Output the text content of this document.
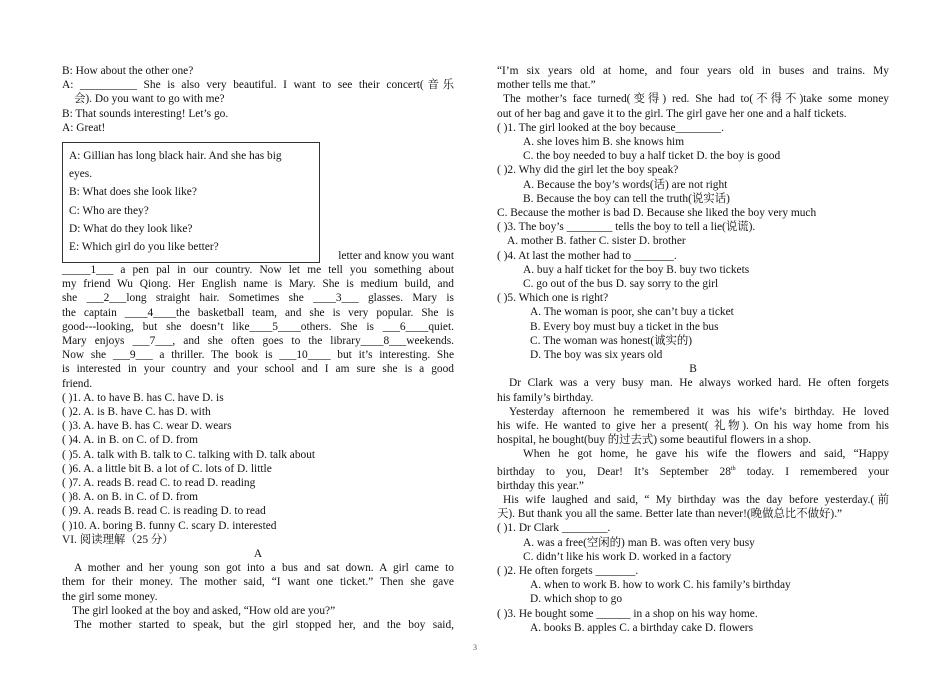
B: How about the other one?
A: __________ She is also very beautiful. I want to see their concert(音乐
会). Do you want to go with me?
B: That sounds interesting! Let’s go.
A: Great!
letter and know you want
_____1___ a pen pal in our country. Now let me tell you something about
my friend Wu Qiong. Her English name is Mary. She is medium build, and
she ___2___long straight hair. Sometimes she ____3___ glasses. Mary is
the captain ____4____the basketball team, and she is very popular. She is
good---looking, but she doesn’t like____5____others. She is ___6____quiet.
Mary enjoys ___7___, and she often goes to the library____8___weekends.
Now she ___9___ a thriller. The book is ___10____ but it’s interesting. She
is interested in your country and your school and I am sure she is a good
friend.
( )1. A. to have B. has C. have D. is
( )2. A. is B. have C. has D. with
( )3. A. have B. has C. wear D. wears
( )4. A. in B. on C. of D. from
( )5. A. talk with B. talk to C. talking with D. talk about
( )6. A. a little bit B. a lot of C. lots of D. little
( )7. A. reads B. read C. to read D. reading
( )8. A. on B. in C. of D. from
( )9. A. reads B. read C. is reading D. to read
( )10. A. boring B. funny C. scary D. interested
VI. 阅读理解（25 分）
A
A mother and her young son got into a bus and sat down. A girl came to
them for their money. The mother said, “I want one ticket.” Then she gave
the girl some money.
The girl looked at the boy and asked, “How old are you?”
The mother started to speak, but the girl stopped her, and the boy said,
A: Gillian has long black hair. And she has big
eyes.
B: What does she look like?
C: Who are they?
D: What do they look like?
E: Which girl do you like better?
“I’m six years old at home, and four years old in buses and trains. My
mother tells me that.”
The mother’s face turned(变得) red. She had to(不得不)take some money
out of her bag and gave it to the girl. The girl gave her one and a half tickets.
( )1. The girl looked at the boy because________.
A. she loves him B. she knows him
C. the boy needed to buy a half ticket D. the boy is good
( )2. Why did the girl let the boy speak?
A. Because the boy’s words(话) are not right
B. Because the boy can tell the truth(说实话)
C. Because the mother is bad D. Because she liked the boy very much
( )3. The boy’s ________ tells the boy to tell a lie(说谎).
A. mother B. father C. sister D. brother
( )4. At last the mother had to _______.
A. buy a half ticket for the boy B. buy two tickets
C. go out of the bus D. say sorry to the girl
( )5. Which one is right?
A. The woman is poor, she can’t buy a ticket
B. Every boy must buy a ticket in the bus
C. The woman was honest(诚实的)
D. The boy was six years old
B
Dr Clark was a very busy man. He always worked hard. He often forgets
his family’s birthday.
Yesterday afternoon he remembered it was his wife’s birthday. He loved
his wife. He wanted to give her a present( 礼物). On his way home from his
hospital, he bought(buy 的过去式) some beautiful flowers in a shop.
When he got home, he gave his wife the flowers and said, “Happy
birthday to you, Dear! It’s September 28th today. I remembered your
birthday this year.”
His wife laughed and said, “ My birthday was the day before yesterday.(前
天). But thank you all the same. Better late than never!(晚做总比不做好).”
( )1. Dr Clark ________.
A. was a free(空闲的) man B. was often very busy
C. didn’t like his work D. worked in a factory
( )2. He often forgets _______.
A. when to work B. how to work C. his family’s birthday
D. which shop to go
( )3. He bought some ______ in a shop on his way home.
A. books B. apples C. a birthday cake D. flowers
3
